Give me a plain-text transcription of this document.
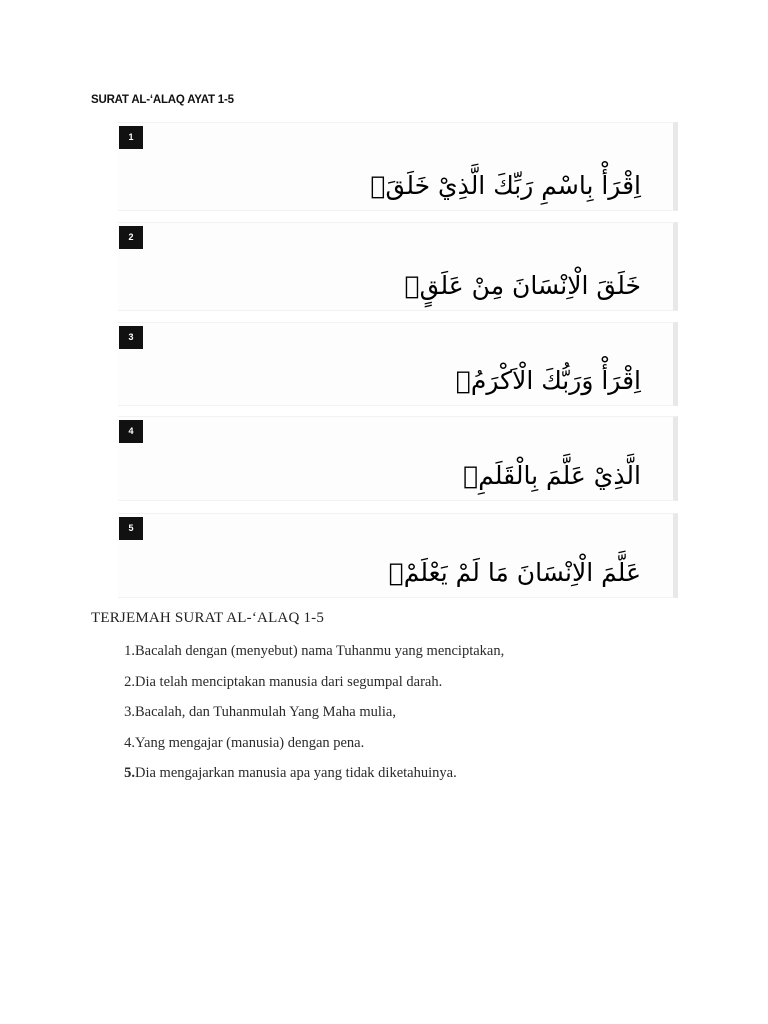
SURAT AL-‘ALAQ AYAT 1-5
1
اِقْرَأْ بِاسْمِ رَبِّكَ الَّذِيْ خَلَقَۚ
2
خَلَقَ الْاِنْسَانَ مِنْ عَلَقٍۚ
3
اِقْرَأْ وَرَبُّكَ الْاَكْرَمُۙ
4
الَّذِيْ عَلَّمَ بِالْقَلَمِۙ
5
عَلَّمَ الْاِنْسَانَ مَا لَمْ يَعْلَمْۗ
TERJEMAH SURAT AL-‘ALAQ 1-5
1. Bacalah dengan (menyebut) nama Tuhanmu yang menciptakan,
2. Dia telah menciptakan manusia dari segumpal darah.
3. Bacalah, dan Tuhanmulah Yang Maha mulia,
4. Yang mengajar (manusia) dengan pena.
5. Dia mengajarkan manusia apa yang tidak diketahuinya.
